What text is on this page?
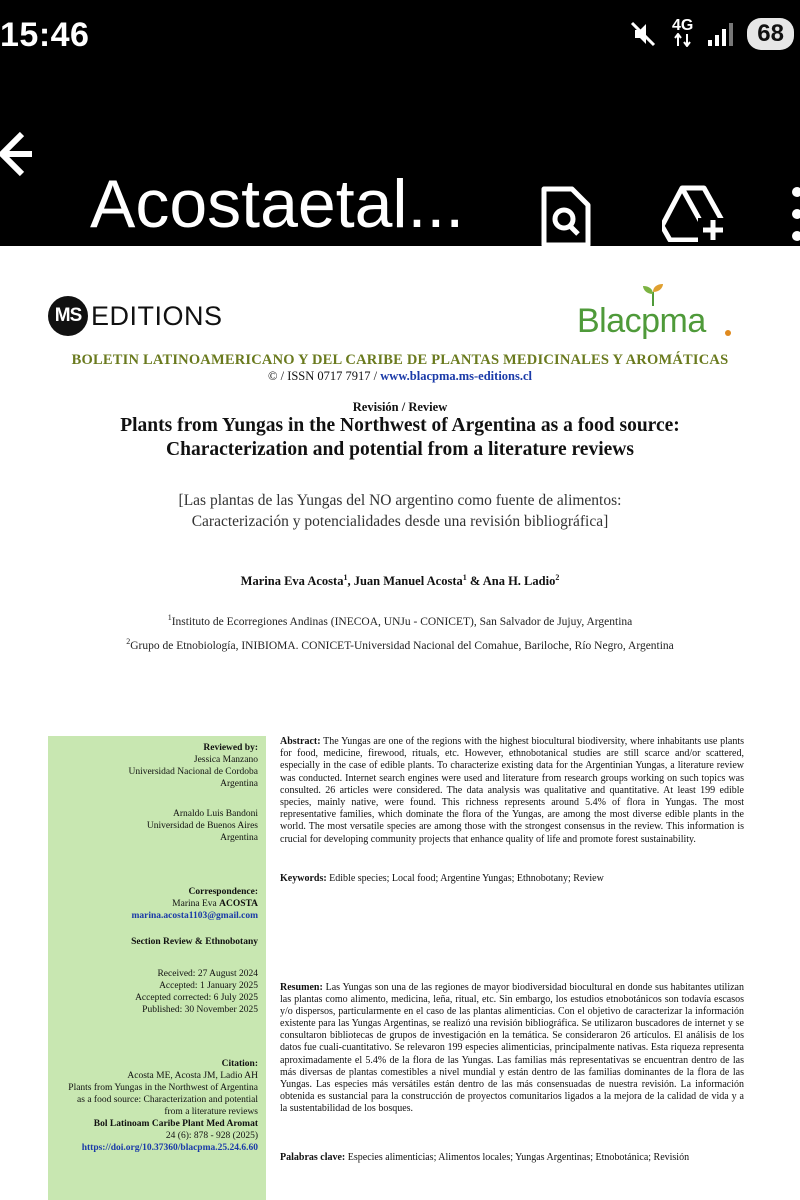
15:46	4G	68
Acostaetal...
MS EDITIONS	Blacpma
BOLETIN LATINOAMERICANO Y DEL CARIBE DE PLANTAS MEDICINALES Y AROMÁTICAS
© / ISSN 0717 7917 / www.blacpma.ms-editions.cl
Revisión / Review
Plants from Yungas in the Northwest of Argentina as a food source:
Characterization and potential from a literature reviews
[Las plantas de las Yungas del NO argentino como fuente de alimentos:
Caracterización y potencialidades desde una revisión bibliográfica]
Marina Eva Acosta$^1$, Juan Manuel Acosta$^1$ & Ana H. Ladio$^2$
$^1$Instituto de Ecorregiones Andinas (INECOA, UNJu - CONICET), San Salvador de Jujuy, Argentina
$^2$Grupo de Etnobiología, INIBIOMA. CONICET-Universidad Nacional del Comahue, Bariloche, Río Negro, Argentina
Reviewed by:
Jessica Manzano
Universidad Nacional de Cordoba
Argentina
Arnaldo Luis Bandoni
Universidad de Buenos Aires
Argentina
Correspondence:
Marina Eva ACOSTA
marina.acosta1103@gmail.com
Section Review & Ethnobotany
Received: 27 August 2024
Accepted: 1 January 2025
Accepted corrected: 6 July 2025
Published: 30 November 2025
Citation:
Acosta ME, Acosta JM, Ladio AH
Plants from Yungas in the Northwest of Argentina
as a food source: Characterization and potential
from a literature reviews
Bol Latinoam Caribe Plant Med Aromat
24 (6): 878 - 928 (2025)
https://doi.org/10.37360/blacpma.25.24.6.60
Abstract: The Yungas are one of the regions with the highest biocultural biodiversity, where inhabitants use plants for food, medicine, firewood, rituals, etc. However, ethnobotanical studies are still scarce and/or scattered, especially in the case of edible plants. To characterize existing data for the Argentinian Yungas, a literature review was conducted. Internet search engines were used and literature from research groups working on such topics was consulted. 26 articles were considered. The data analysis was qualitative and quantitative. At least 199 edible species, mainly native, were found. This richness represents around 5.4% of flora in Yungas. The most representative families, which dominate the flora of the Yungas, are among the most diverse edible plants in the world. The most versatile species are among those with the strongest consensus in the review. This information is crucial for developing community projects that enhance quality of life and promote forest sustainability.
Keywords: Edible species; Local food; Argentine Yungas; Ethnobotany; Review
Resumen: Las Yungas son una de las regiones de mayor biodiversidad biocultural en donde sus habitantes utilizan las plantas como alimento, medicina, leña, ritual, etc. Sin embargo, los estudios etnobotánicos son todavía escasos y/o dispersos, particularmente en el caso de las plantas alimenticias. Con el objetivo de caracterizar la información existente para las Yungas Argentinas, se realizó una revisión bibliográfica. Se utilizaron buscadores de internet y se consultaron bibliotecas de grupos de investigación en la temática. Se consideraron 26 artículos. El análisis de los datos fue cuali-cuantitativo. Se relevaron 199 especies alimenticias, principalmente nativas. Esta riqueza representa aproximadamente el 5.4% de la flora de las Yungas. Las familias más representativas se encuentran dentro de las más diversas de plantas comestibles a nivel mundial y están dentro de las familias dominantes de la flora de las Yungas. Las especies más versátiles están dentro de las más consensuadas de nuestra revisión. La información obtenida es sustancial para la construcción de proyectos comunitarios ligados a la mejora de la calidad de vida y a la sustentabilidad de los bosques.
Palabras clave: Especies alimenticias; Alimentos locales; Yungas Argentinas; Etnobotánica; Revisión
